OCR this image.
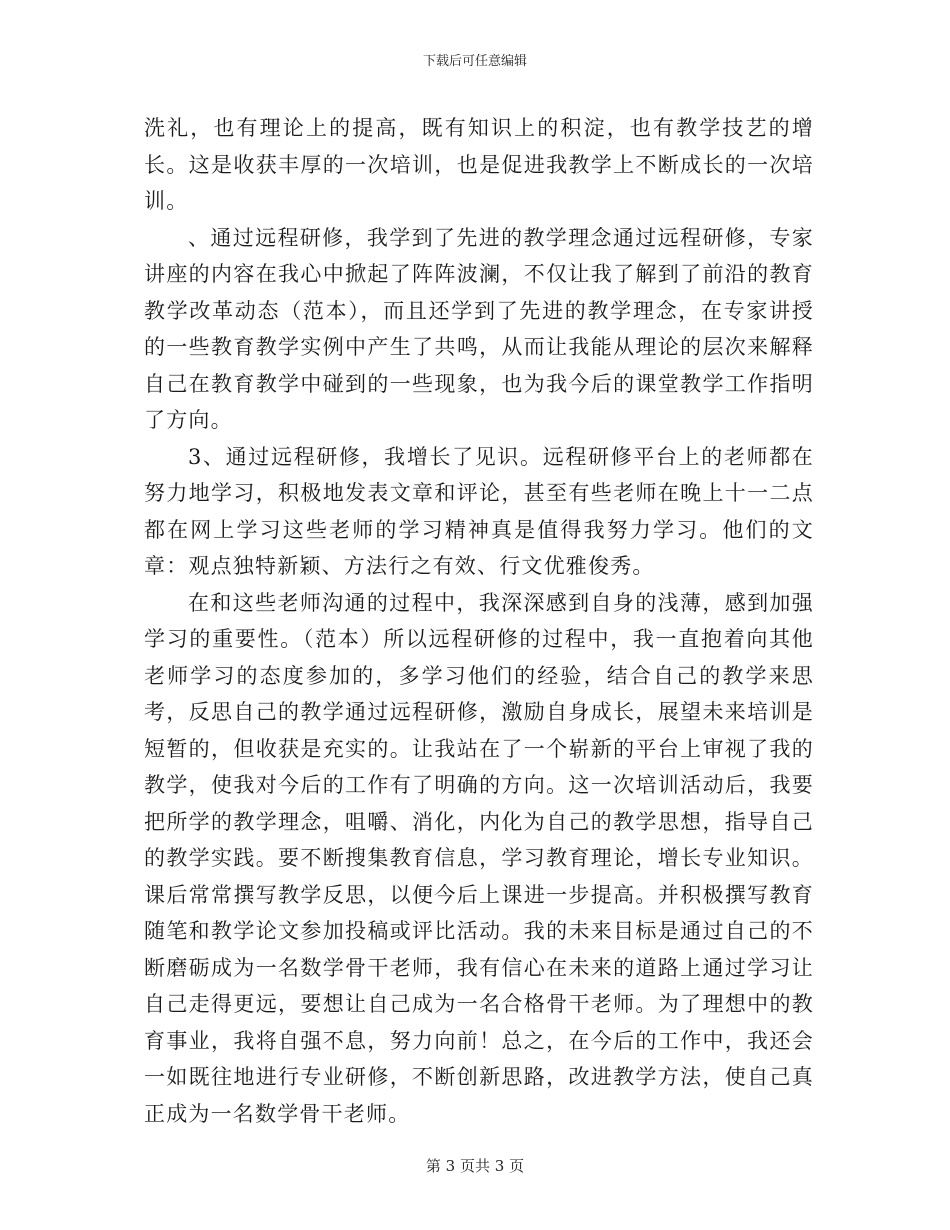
下载后可任意编辑

洗礼，也有理论上的提高，既有知识上的积淀，也有教学技艺的增长。这是收获丰厚的一次培训，也是促进我教学上不断成长的一次培训。

、通过远程研修，我学到了先进的教学理念通过远程研修，专家讲座的内容在我心中掀起了阵阵波澜，不仅让我了解到了前沿的教育教学改革动态（范本），而且还学到了先进的教学理念，在专家讲授的一些教育教学实例中产生了共鸣，从而让我能从理论的层次来解释自己在教育教学中碰到的一些现象，也为我今后的课堂教学工作指明了方向。

3、通过远程研修，我增长了见识。远程研修平台上的老师都在努力地学习，积极地发表文章和评论，甚至有些老师在晚上十一二点都在网上学习这些老师的学习精神真是值得我努力学习。他们的文章：观点独特新颖、方法行之有效、行文优雅俊秀。

在和这些老师沟通的过程中，我深深感到自身的浅薄，感到加强学习的重要性。（范本）所以远程研修的过程中，我一直抱着向其他老师学习的态度参加的，多学习他们的经验，结合自己的教学来思考，反思自己的教学通过远程研修，激励自身成长，展望未来培训是短暂的，但收获是充实的。让我站在了一个崭新的平台上审视了我的教学，使我对今后的工作有了明确的方向。这一次培训活动后，我要把所学的教学理念，咀嚼、消化，内化为自己的教学思想，指导自己的教学实践。要不断搜集教育信息，学习教育理论，增长专业知识。课后常常撰写教学反思，以便今后上课进一步提高。并积极撰写教育随笔和教学论文参加投稿或评比活动。我的未来目标是通过自己的不断磨砺成为一名数学骨干老师，我有信心在未来的道路上通过学习让自己走得更远，要想让自己成为一名合格骨干老师。为了理想中的教育事业，我将自强不息，努力向前！总之，在今后的工作中，我还会一如既往地进行专业研修，不断创新思路，改进教学方法，使自己真正成为一名数学骨干老师。

第 3 页共 3 页
